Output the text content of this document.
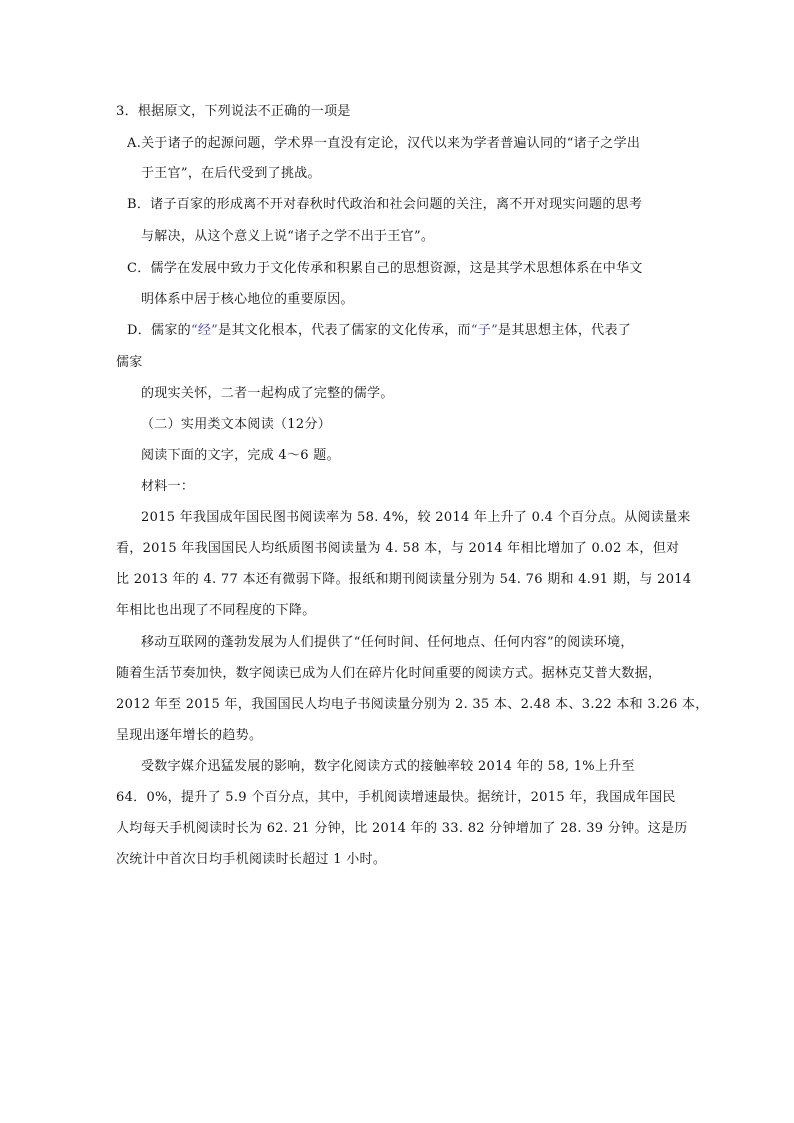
3．根据原文，下列说法不正确的一项是
A.关于诸子的起源问题，学术界一直没有定论，汉代以来为学者普遍认同的“诸子之学出
于王官”，在后代受到了挑战。
B．诸子百家的形成离不开对春秋时代政治和社会问题的关注，离不开对现实问题的思考
与解决，从这个意义上说“诸子之学不出于王官”。
C．儒学在发展中致力于文化传承和积累自己的思想资源，这是其学术思想体系在中华文
明体系中居于核心地位的重要原因。
D．儒家的“经”是其文化根本，代表了儒家的文化传承，而“子”是其思想主体，代表了
儒家
的现实关怀，二者一起构成了完整的儒学。
（二）实用类文本阅读（12分）
阅读下面的文字，完成 4～6 题。
材料一：
2015 年我国成年国民图书阅读率为 58. 4%，较 2014 年上升了 0.4 个百分点。从阅读量来
看，2015 年我国国民人均纸质图书阅读量为 4. 58 本，与 2014 年相比增加了 0.02 本，但对
比 2013 年的 4. 77 本还有微弱下降。报纸和期刊阅读量分别为 54. 76 期和 4.91 期，与 2014
年相比也出现了不同程度的下降。
移动互联网的蓬勃发展为人们提供了“任何时间、任何地点、任何内容”的阅读环境，
随着生活节奏加快，数字阅读已成为人们在碎片化时间重要的阅读方式。据林克艾普大数据，
2012 年至 2015 年，我国国民人均电子书阅读量分别为 2. 35 本、2.48 本、3.22 本和 3.26 本，
呈现出逐年增长的趋势。
受数字媒介迅猛发展的影响，数字化阅读方式的接触率较 2014 年的 58, 1%上升至
64．0%，提升了 5.9 个百分点，其中，手机阅读增速最快。据统计，2015 年，我国成年国民
人均每天手机阅读时长为 62. 21 分钟，比 2014 年的 33. 82 分钟增加了 28. 39 分钟。这是历
次统计中首次日均手机阅读时长超过 1 小时。
